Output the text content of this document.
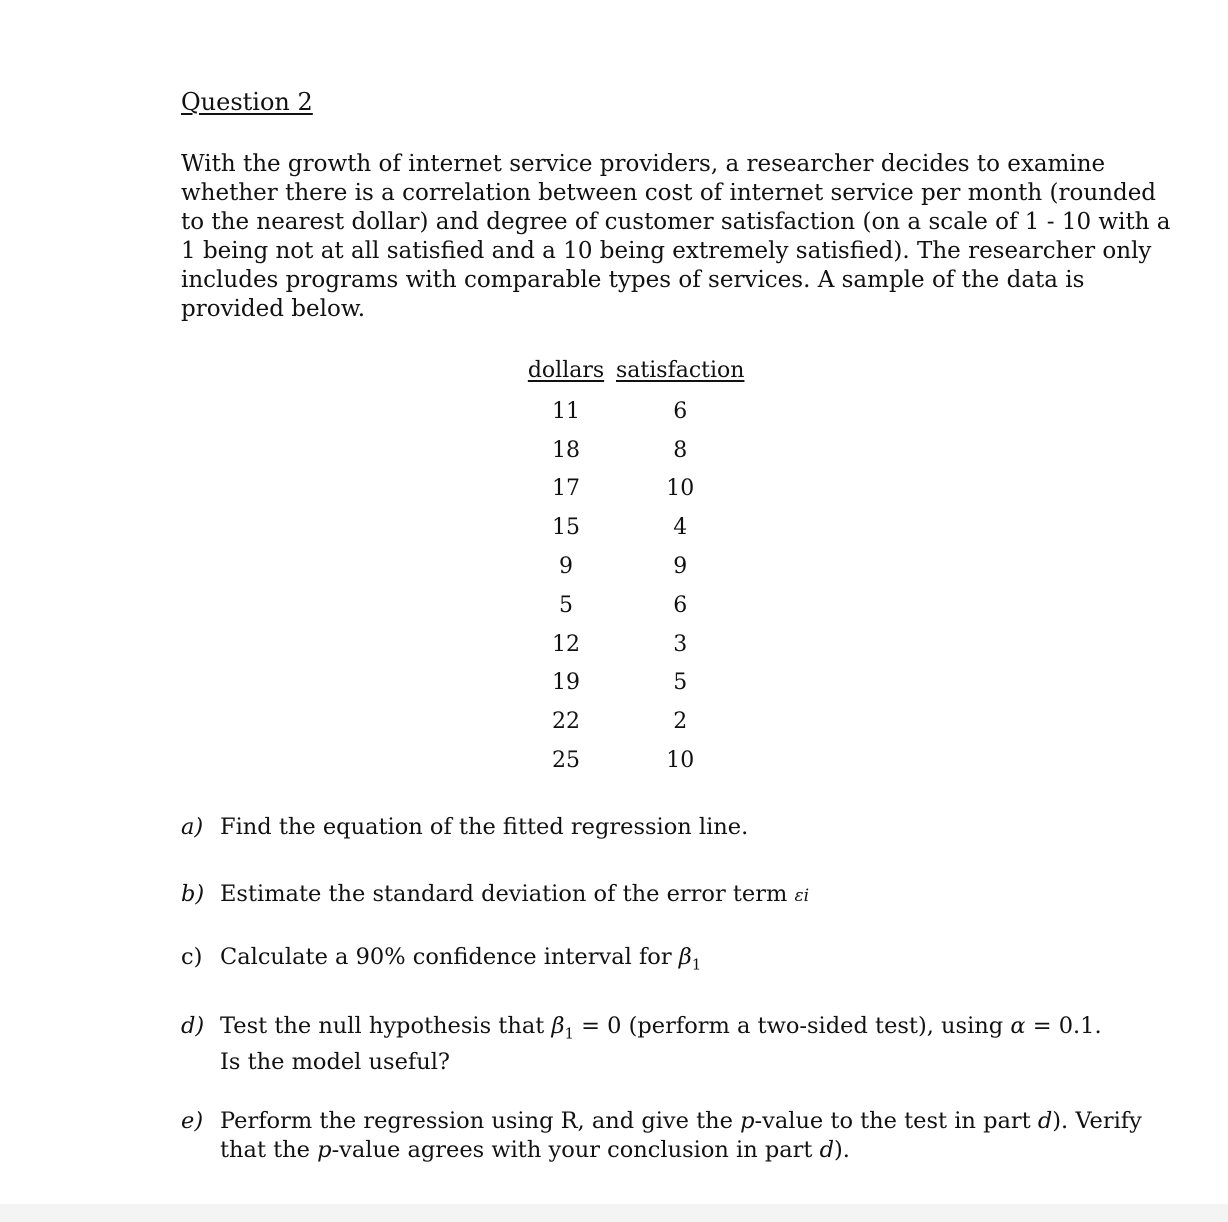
Question 2

With the growth of internet service providers, a researcher decides to examine
whether there is a correlation between cost of internet service per month (rounded
to the nearest dollar) and degree of customer satisfaction (on a scale of 1 - 10 with a
1 being not at all satisfied and a 10 being extremely satisfied). The researcher only
includes programs with comparable types of services. A sample of the data is
provided below.

dollars	satisfaction
11	6
18	8
17	10
15	4
9	9
5	6
12	3
19	5
22	2
25	10
a) Find the equation of the fitted regression line.
b) Estimate the standard deviation of the error term εi
c) Calculate a 90% confidence interval for $\beta_1$
d) Test the null hypothesis that $\beta_1 = 0$ (perform a two-sided test), using α = 0.1.
Is the model useful?
e) Perform the regression using R, and give the p-value to the test in part d). Verify
that the p-value agrees with your conclusion in part d).
